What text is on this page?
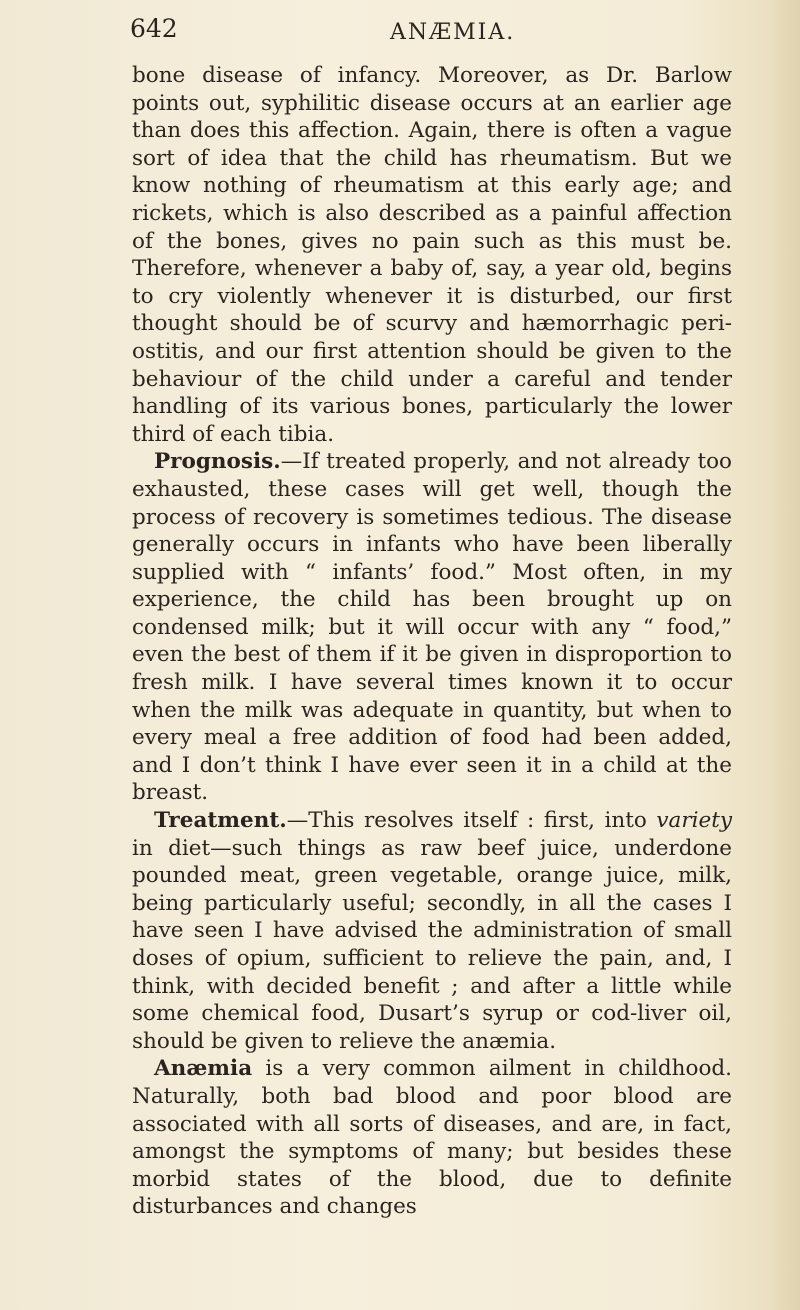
642	ANÆMIA.

bone disease of infancy. Moreover, as Dr. Barlow points out, syphilitic disease occurs at an earlier age than does this affection. Again, there is often a vague sort of idea that the child has rheumatism. But we know nothing of rheumatism at this early age; and rickets, which is also described as a painful affection of the bones, gives no pain such as this must be. Therefore, whenever a baby of, say, a year old, begins to cry violently whenever it is disturbed, our first thought should be of scurvy and hæmorrhagic peri-ostitis, and our first attention should be given to the behaviour of the child under a careful and tender handling of its various bones, particularly the lower third of each tibia.

Prognosis.—If treated properly, and not already too exhausted, these cases will get well, though the process of recovery is sometimes tedious. The disease generally occurs in infants who have been liberally supplied with “ infants’ food.” Most often, in my experience, the child has been brought up on condensed milk; but it will occur with any “ food,” even the best of them if it be given in disproportion to fresh milk. I have several times known it to occur when the milk was adequate in quantity, but when to every meal a free addition of food had been added, and I don’t think I have ever seen it in a child at the breast.

Treatment.—This resolves itself : first, into variety in diet—such things as raw beef juice, underdone pounded meat, green vegetable, orange juice, milk, being particularly useful; secondly, in all the cases I have seen I have advised the administration of small doses of opium, sufficient to relieve the pain, and, I think, with decided benefit ; and after a little while some chemical food, Dusart’s syrup or cod-liver oil, should be given to relieve the anæmia.

Anæmia is a very common ailment in childhood. Naturally, both bad blood and poor blood are associated with all sorts of diseases, and are, in fact, amongst the symptoms of many; but besides these morbid states of the blood, due to definite disturbances and changes
